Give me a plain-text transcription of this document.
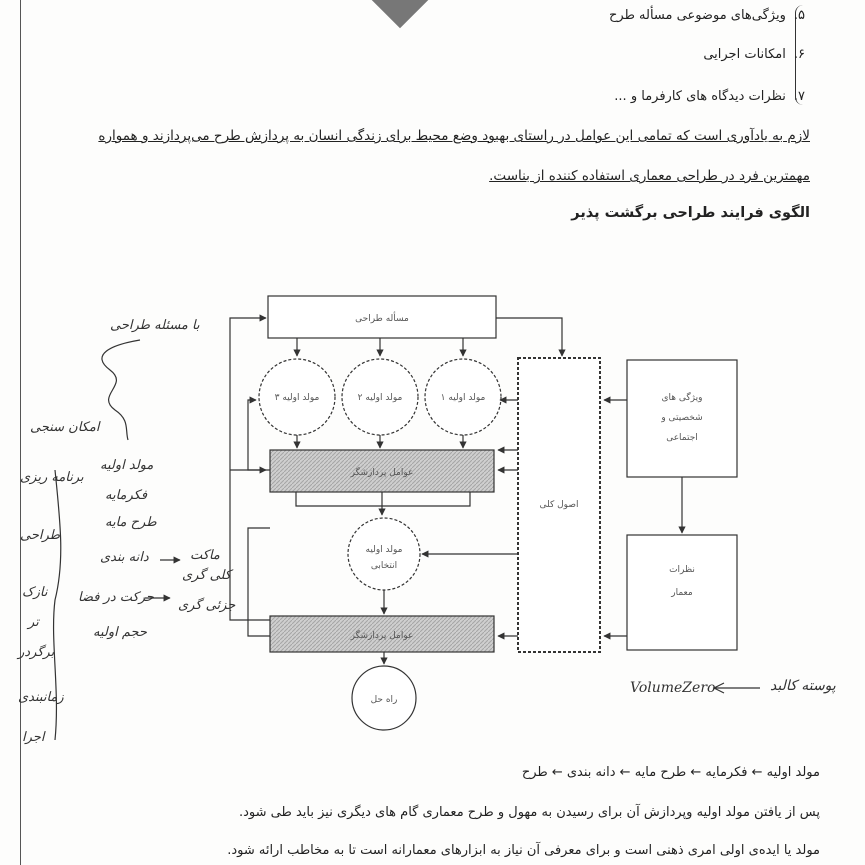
۵.ویژگی‌های موضوعی مسأله طرح
۶.امکانات اجرایی
۷.نظرات دیدگاه های کارفرما و ...
لازم به یادآوری است که تمامی این عوامل در راستای بهبود وضع محیط برای زندگی انسان به پردازش طرح می‌پردازند و همواره
مهمترین فرد در طراحی معماری استفاده کننده از بناست.
الگوی فرایند طراحی برگشت پذیر
مسأله طراحی
مولد اولیه ۱
مولد اولیه ۲
مولد اولیه ۳
عوامل پردازشگر
اصول کلی
ویژگی های
شخصیتی و
اجتماعی
نظرات
معمار
مولد اولیه
انتخابی
عوامل پردازشگر
راه حل
با مسئله طراحی
مولد اولیه
فکرمایه
طرح مایه
دانه بندی
حرکت در فضا
حجم اولیه
ماکت
کلی گری
جزئی گری
امکان سنجی
برنامه ریزی
طراحی
نازک
تر
برگردر
زمانبندی
اجرا
VolumeZero	پوسته کالبد
مولد اولیه ← فکرمایه ← طرح مایه ← دانه بندی ← طرح
پس از یافتن مولد اولیه وپردازش آن برای رسیدن به مهول و طرح معماری گام های دیگری نیز باید طی شود.
مولد یا ایده‌ی اولی امری ذهنی است و برای معرفی آن نیاز به ابزارهای معمارانه است تا به مخاطب ارائه شود.
